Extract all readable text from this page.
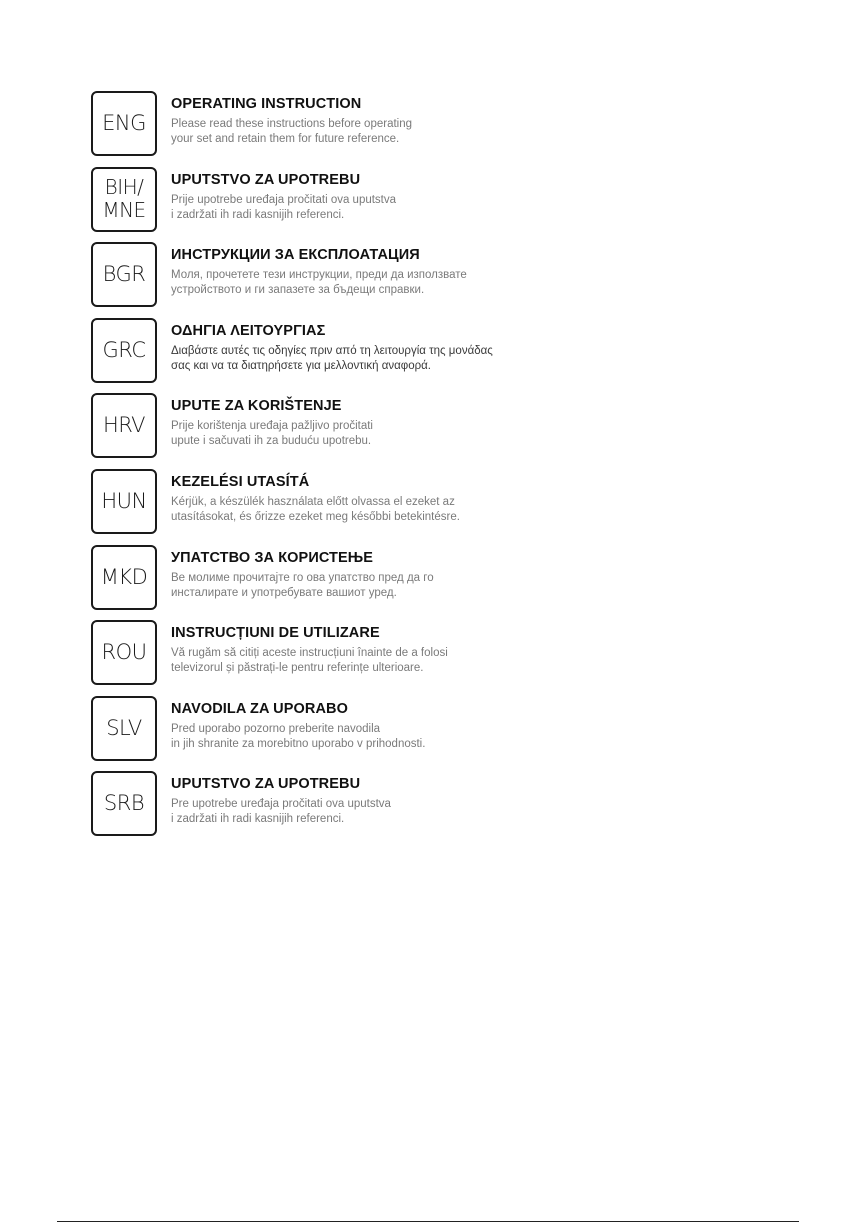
ENG

OPERATING INSTRUCTION

Please read these instructions before operating
your set and retain them for future reference.

BIH/
MNE

UPUTSTVO ZA UPOTREBU

Prije upotrebe uređaja pročitati ova uputstva
i zadržati ih radi kasnijih referenci.

BGR

ИНСТРУКЦИИ ЗА ЕКСПЛОАТАЦИЯ

Моля, прочетете тези инструкции, преди да използвате
устройството и ги запазете за бъдещи справки.

GRC

ΟΔΗΓΙΑ ΛΕΙΤΟΥΡΓΙΑΣ

Διαβάστε αυτές τις οδηγίες πριν από τη λειτουργία της μονάδας
σας και να τα διατηρήσετε για μελλοντική αναφορά.

HRV

UPUTE ZA KORIŠTENJE

Prije korištenja uređaja pažljivo pročitati
upute i sačuvati ih za buduću upotrebu.

HUN

KEZELÉSI UTASÍTÁ

Kérjük, a készülék használata előtt olvassa el ezeket az
utasításokat, és őrizze ezeket meg későbbi betekintésre.

MKD

УПАТСТВО ЗА КОРИСТЕЊЕ

Ве молиме прочитајте го ова упатство пред да го
инсталирате и употребувате вашиот уред.

ROU

INSTRUCȚIUNI DE UTILIZARE

Vă rugăm să citiți aceste instrucțiuni înainte de a folosi
televizorul și păstrați-le pentru referințe ulterioare.

SLV

NAVODILA ZA UPORABO

Pred uporabo pozorno preberite navodila
in jih shranite za morebitno uporabo v prihodnosti.

SRB

UPUTSTVO ZA UPOTREBU

Pre upotrebe uređaja pročitati ova uputstva
i zadržati ih radi kasnijih referenci.
